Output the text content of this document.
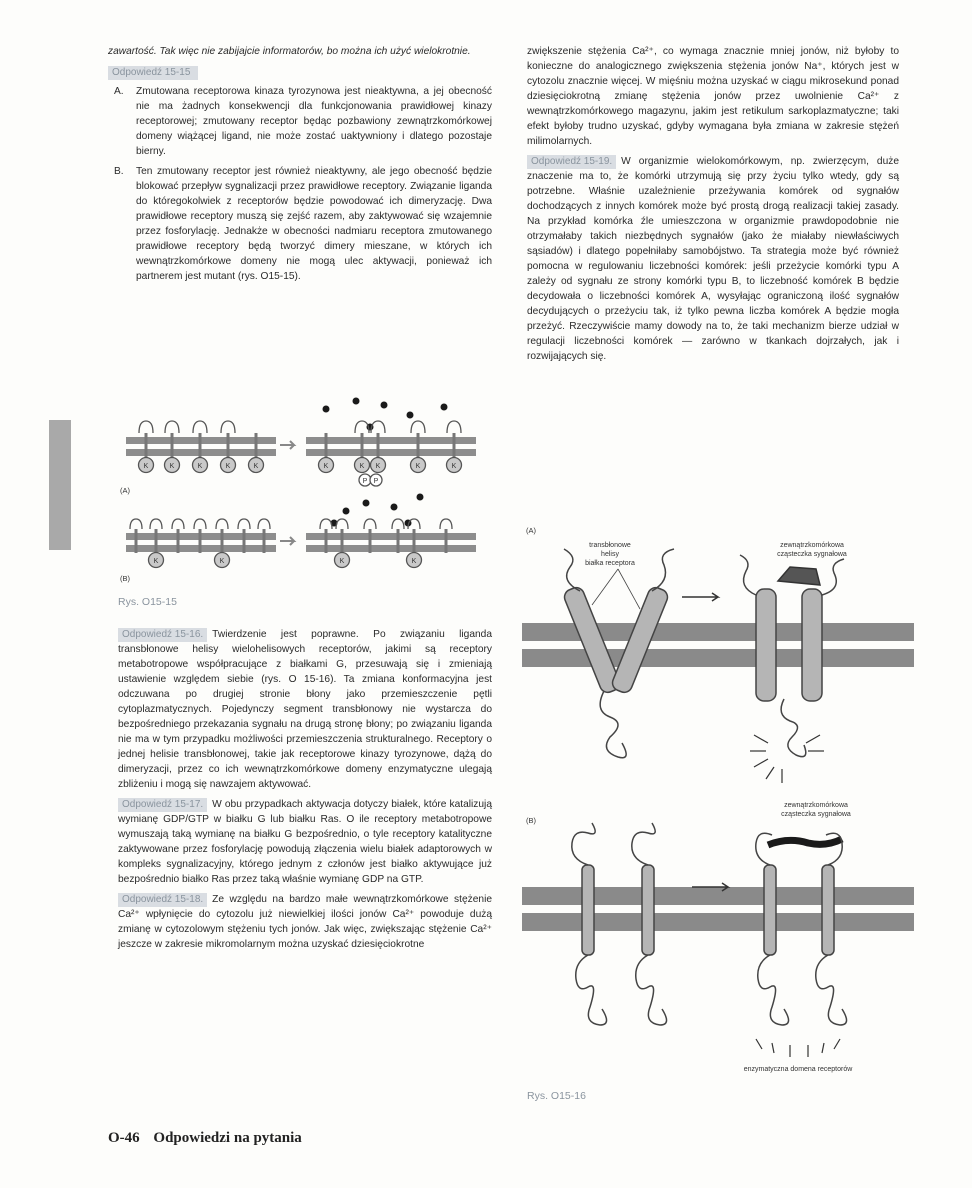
zawartość. Tak więc nie zabijajcie informatorów, bo można ich użyć wielokrotnie.

Odpowiedź 15-15
A.	Zmutowana receptorowa kinaza tyrozynowa jest nieaktywna, a jej obecność nie ma żadnych konsekwencji dla funkcjonowania prawidłowej kinazy receptorowej; zmutowany receptor będąc pozbawiony zewnątrzkomórkowej domeny wiążącej ligand, nie może zostać uaktywniony i dlatego pozostaje bierny.
B.	Ten zmutowany receptor jest również nieaktywny, ale jego obecność będzie blokować przepływ sygnalizacji przez prawidłowe receptory. Związanie liganda do któregokolwiek z receptorów będzie powodować ich dimeryzację. Dwa prawidłowe receptory muszą się zejść razem, aby zaktywować się wzajemnie przez fosforylację. Jednakże w obecności nadmiaru receptora zmutowanego prawidłowe receptory będą tworzyć dimery mieszane, w których ich wewnątrzkomórkowe domeny nie mogą ulec aktywacji, ponieważ ich partnerem jest mutant (rys. O15-15).
K	K	K	K	K	K	K K	K	K
P P
(A)
K	K	K	K
(B)
Rys. O15-15

Odpowiedź 15-16. Twierdzenie jest poprawne. Po związaniu liganda transbłonowe helisy wielohelisowych receptorów, jakimi są receptory metabotropowe współpracujące z białkami G, przesuwają się i zmieniają ustawienie względem siebie (rys. O 15-16). Ta zmiana konformacyjna jest odczuwana po drugiej stronie błony jako przemieszczenie pętli cytoplazmatycznych. Pojedynczy segment transbłonowy nie wystarcza do bezpośredniego przekazania sygnału na drugą stronę błony; po związaniu liganda nie ma w tym przypadku możliwości przemieszczenia strukturalnego. Receptory o jednej helisie transbłonowej, takie jak receptorowe kinazy tyrozynowe, dążą do dimeryzacji, przez co ich wewnątrzkomórkowe domeny enzymatyczne ulegają zbliżeniu i mogą się nawzajem aktywować.

Odpowiedź 15-17. W obu przypadkach aktywacja dotyczy białek, które katalizują wymianę GDP/GTP w białku G lub białku Ras. O ile receptory metabotropowe wymuszają taką wymianę na białku G bezpośrednio, o tyle receptory katalityczne zaktywowane przez fosforylację powodują złączenia wielu białek adaptorowych w kompleks sygnalizacyjny, którego jednym z członów jest białko aktywujące już bezpośrednio białko Ras przez taką właśnie wymianę GDP na GTP.

Odpowiedź 15-18. Ze względu na bardzo małe wewnątrzkomórkowe stężenie Ca²⁺ wpłynięcie do cytozolu już niewielkiej ilości jonów Ca²⁺ powoduje dużą zmianę w cytozolowym stężeniu tych jonów. Jak więc, zwiększając stężenie Ca²⁺ jeszcze w zakresie mikromolarnym można uzyskać dziesięciokrotne

zwiększenie stężenia Ca²⁺, co wymaga znacznie mniej jonów, niż byłoby to konieczne do analogicznego zwiększenia stężenia jonów Na⁺, których jest w cytozolu znacznie więcej. W mięśniu można uzyskać w ciągu mikrosekund ponad dziesięciokrotną zmianę stężenia jonów przez uwolnienie Ca²⁺ z wewnątrzkomórkowego magazynu, jakim jest retikulum sarkoplazmatyczne; taki efekt byłoby trudno uzyskać, gdyby wymagana była zmiana w zakresie stężeń milimolarnych.

Odpowiedź 15-19. W organizmie wielokomórkowym, np. zwierzęcym, duże znaczenie ma to, że komórki utrzymują się przy życiu tylko wtedy, gdy są potrzebne. Właśnie uzależnienie przeżywania komórek od sygnałów dochodzących z innych komórek może być prostą drogą realizacji takiej zasady. Na przykład komórka źle umieszczona w organizmie prawdopodobnie nie otrzymałaby takich niezbędnych sygnałów (jako że miałaby niewłaściwych sąsiadów) i dlatego popełniłaby samobójstwo. Ta strategia może być również pomocna w regulowaniu liczebności komórek: jeśli przeżycie komórki typu A zależy od sygnału ze strony komórki typu B, to liczebność komórek B będzie decydowała o liczebności komórek A, wysyłając ograniczoną ilość sygnałów decydujących o przeżyciu tak, iż tylko pewna liczba komórek A będzie mogła przeżyć. Rzeczywiście mamy dowody na to, że taki mechanizm bierze udział w regulacji liczebności komórek — zarówno w tkankach dojrzałych, jak i rozwijających się.

(A)
transbłonowe
helisy
białka receptora
zewnątrzkomórkowa
cząsteczka sygnałowa
(B)
zewnątrzkomórkowa
cząsteczka sygnałowa
enzymatyczna domena receptorów
Rys. O15-16
O-46 Odpowiedzi na pytania
